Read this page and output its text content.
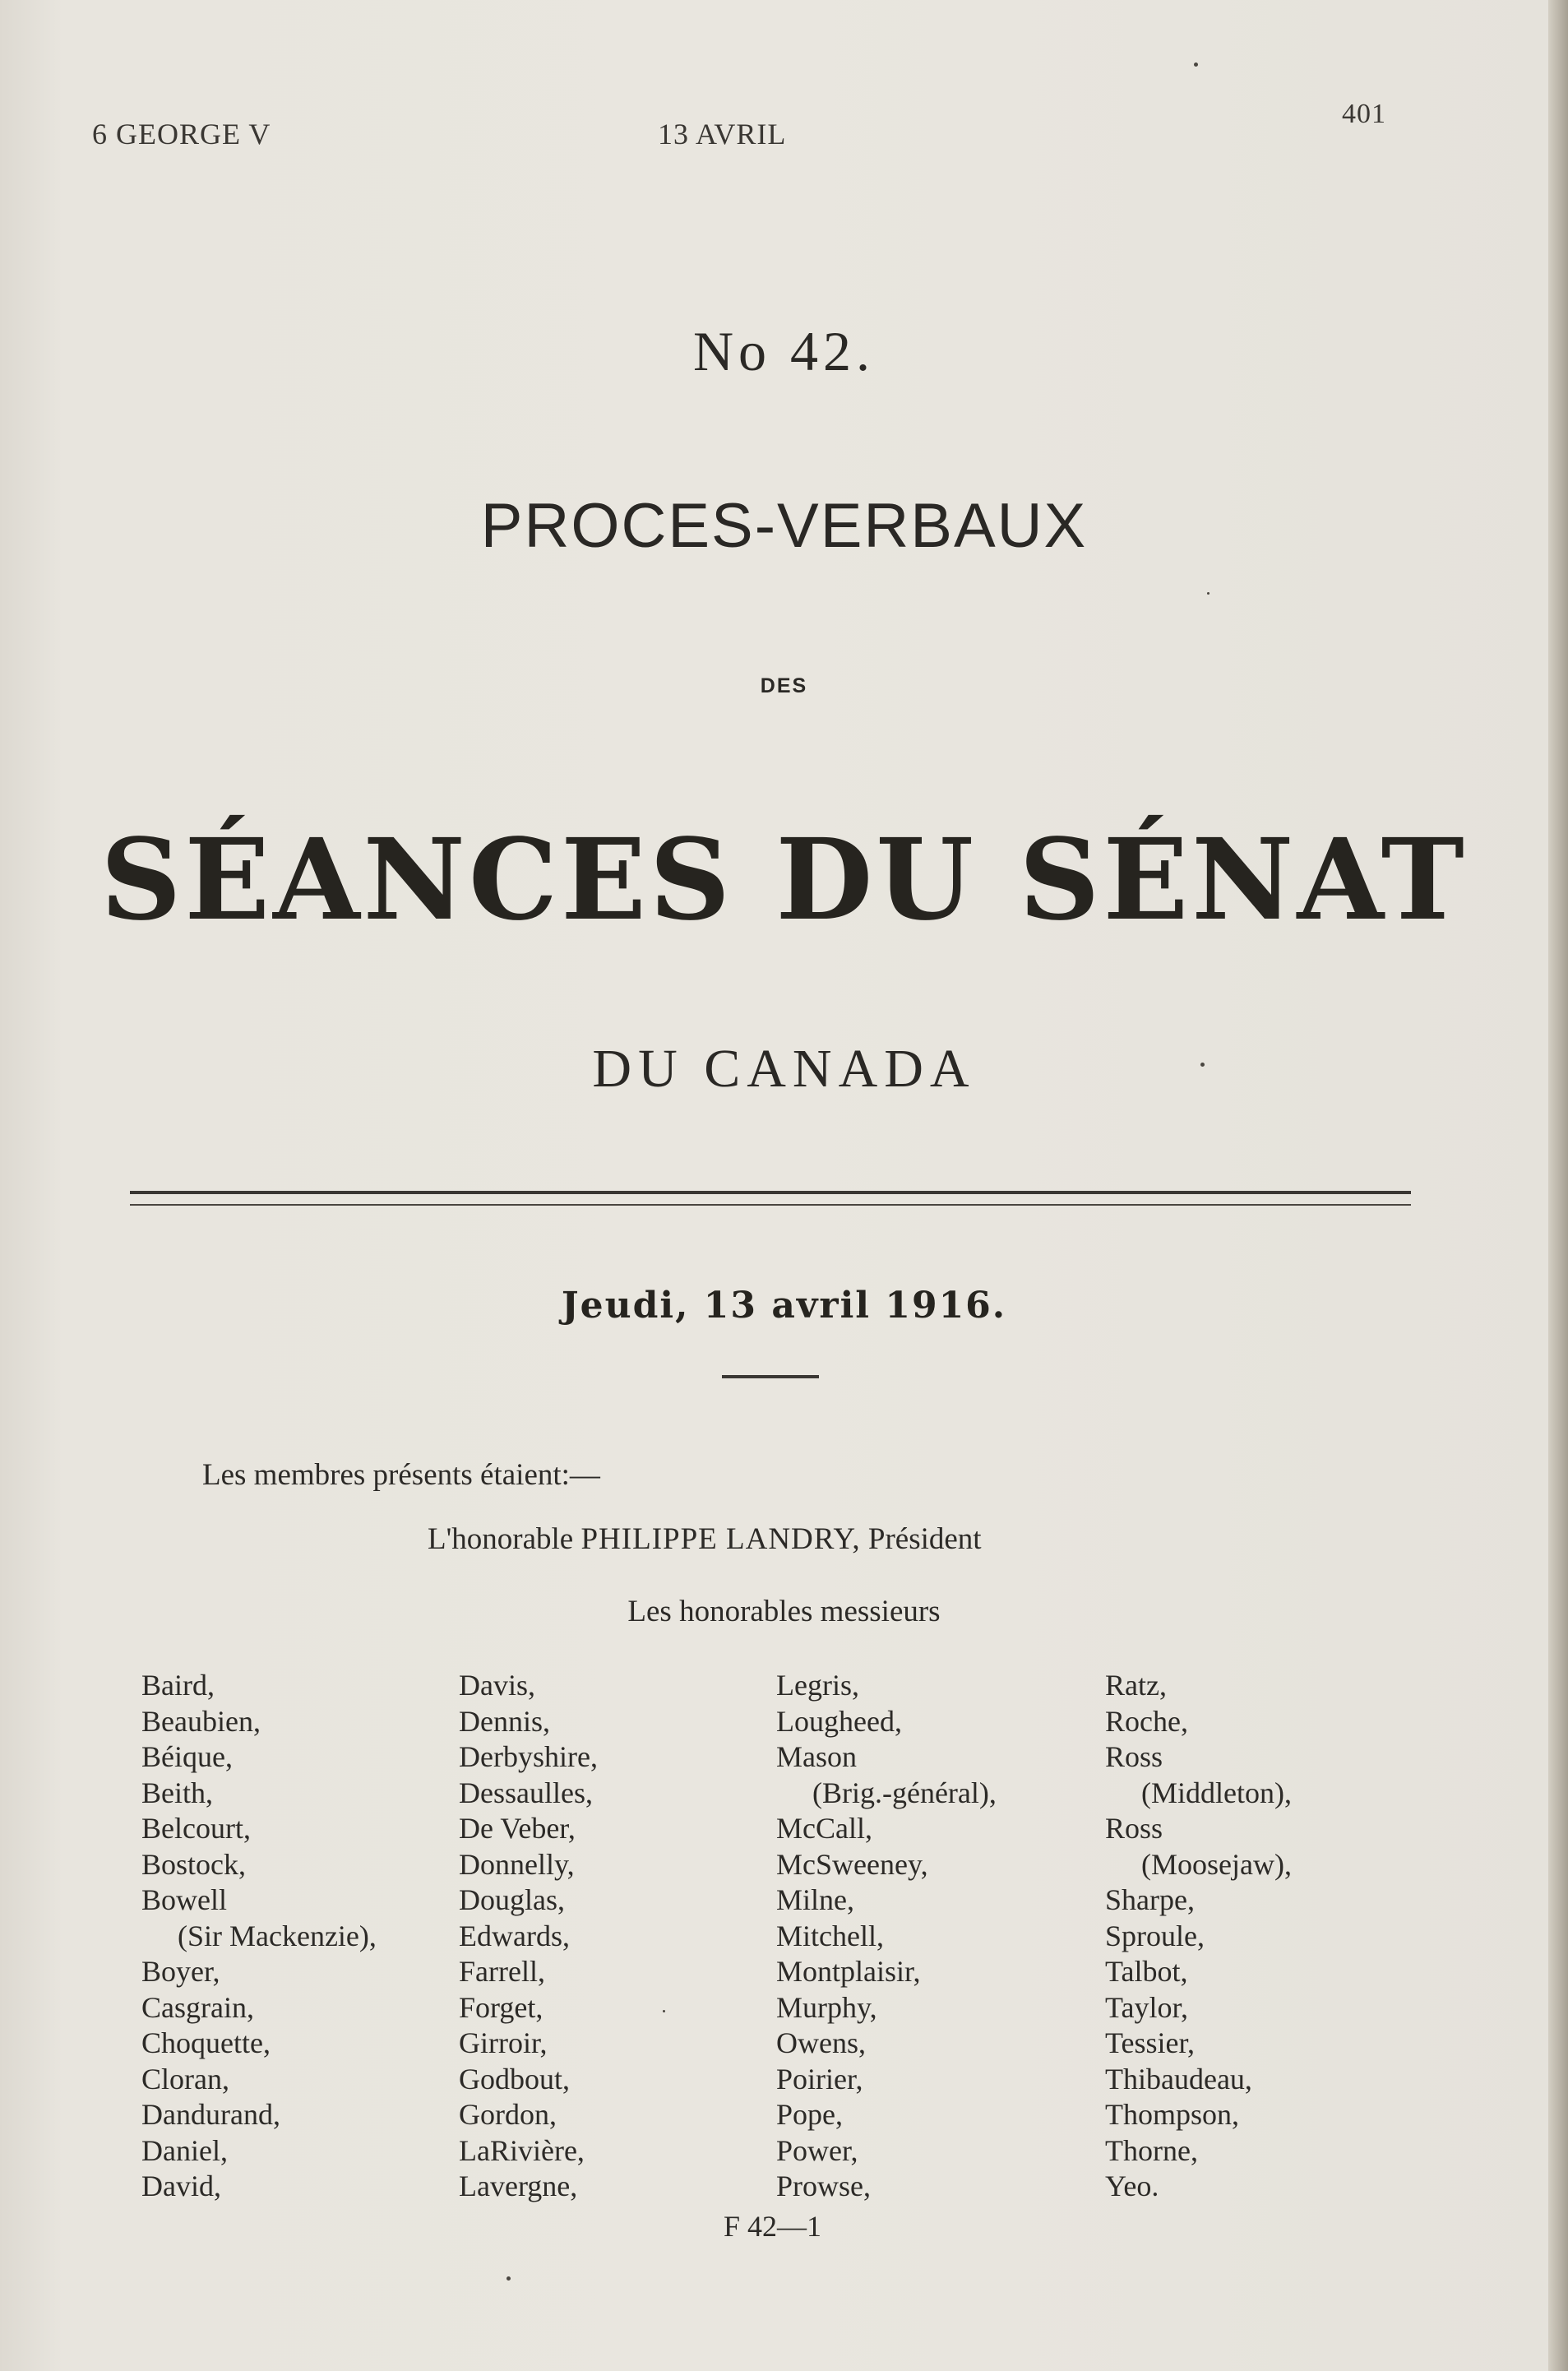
6 GEORGE V	13 AVRIL
401
No 42.
PROCES-VERBAUX
DES
SÉANCES DU SÉNAT
DU CANADA
Jeudi, 13 avril 1916.
Les membres présents étaient:—
L'honorable PHILIPPE LANDRY, Président
Les honorables messieurs
Baird,
Beaubien,
Béique,
Beith,
Belcourt,
Bostock,
Bowell
(Sir Mackenzie),
Boyer,
Casgrain,
Choquette,
Cloran,
Dandurand,
Daniel,
David,
Davis,
Dennis,
Derbyshire,
Dessaulles,
De Veber,
Donnelly,
Douglas,
Edwards,
Farrell,
Forget,
Girroir,
Godbout,
Gordon,
LaRivière,
Lavergne,
Legris,
Lougheed,
Mason
(Brig.-général),
McCall,
McSweeney,
Milne,
Mitchell,
Montplaisir,
Murphy,
Owens,
Poirier,
Pope,
Power,
Prowse,
Ratz,
Roche,
Ross
(Middleton),
Ross
(Moosejaw),
Sharpe,
Sproule,
Talbot,
Taylor,
Tessier,
Thibaudeau,
Thompson,
Thorne,
Yeo.
F 42—1
